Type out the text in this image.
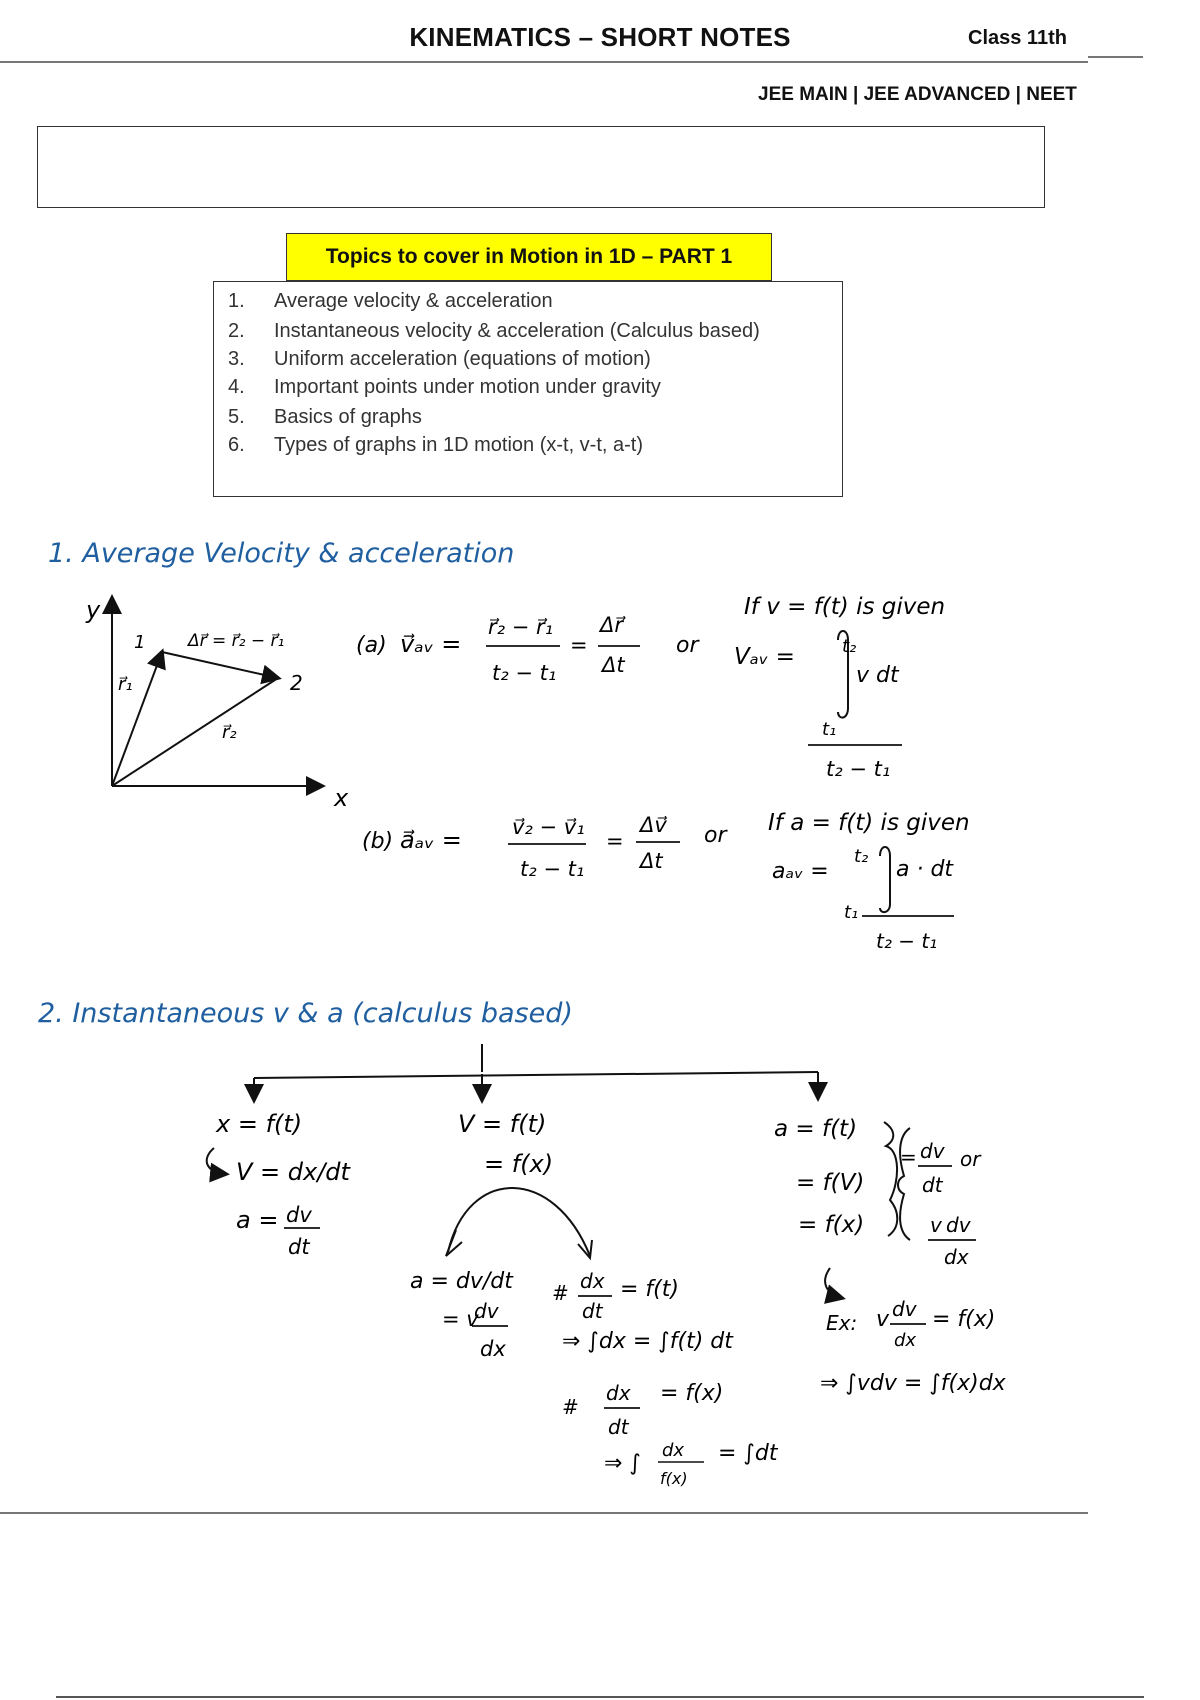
KINEMATICS – SHORT NOTES	Class 11th
JEE MAIN | JEE ADVANCED | NEET
Topics to cover in Motion in 1D – PART 1
1.	Average velocity & acceleration
2.	Instantaneous velocity & acceleration (Calculus based)
3.	Uniform acceleration (equations of motion)
4.	Important points under motion under gravity
5.	Basics of graphs
6.	Types of graphs in 1D motion (x-t, v-t, a-t)
1. Average Velocity & acceleration
y
x
1
2
r⃗₁
r⃗₂
Δr⃗ = r⃗₂ − r⃗₁	(a) v⃗ₐᵥ =
r⃗₂ − r⃗₁
t₂ − t₁
=
Δr⃗
Δt
or
If v = f(t) is given
Vₐᵥ =	t₂
v dt
t₁
t₂ − t₁
(b) a⃗ₐᵥ = v⃗₂ − v⃗₁
t₂ − t₁
=
Δv⃗
Δt
or If a = f(t) is given
aₐᵥ =
t₂
a · dt
t₁
t₂ − t₁
2. Instantaneous v & a (calculus based)
x = f(t)
V = dx/dt
a = dv
dt
V = f(t)
= f(x)
a = dv/dt
= v
dv
dx
# dx
dt
= f(t)
⇒ ∫dx = ∫f(t) dt
#
dx
dt
= f(x)
⇒ ∫
dx
f(x)
= ∫dt
a = f(t)
= f(V)
= f(x)
= dv
dt
or
v dv
dx
Ex: v dv
dx
= f(x)
⇒ ∫vdv = ∫f(x)dx
